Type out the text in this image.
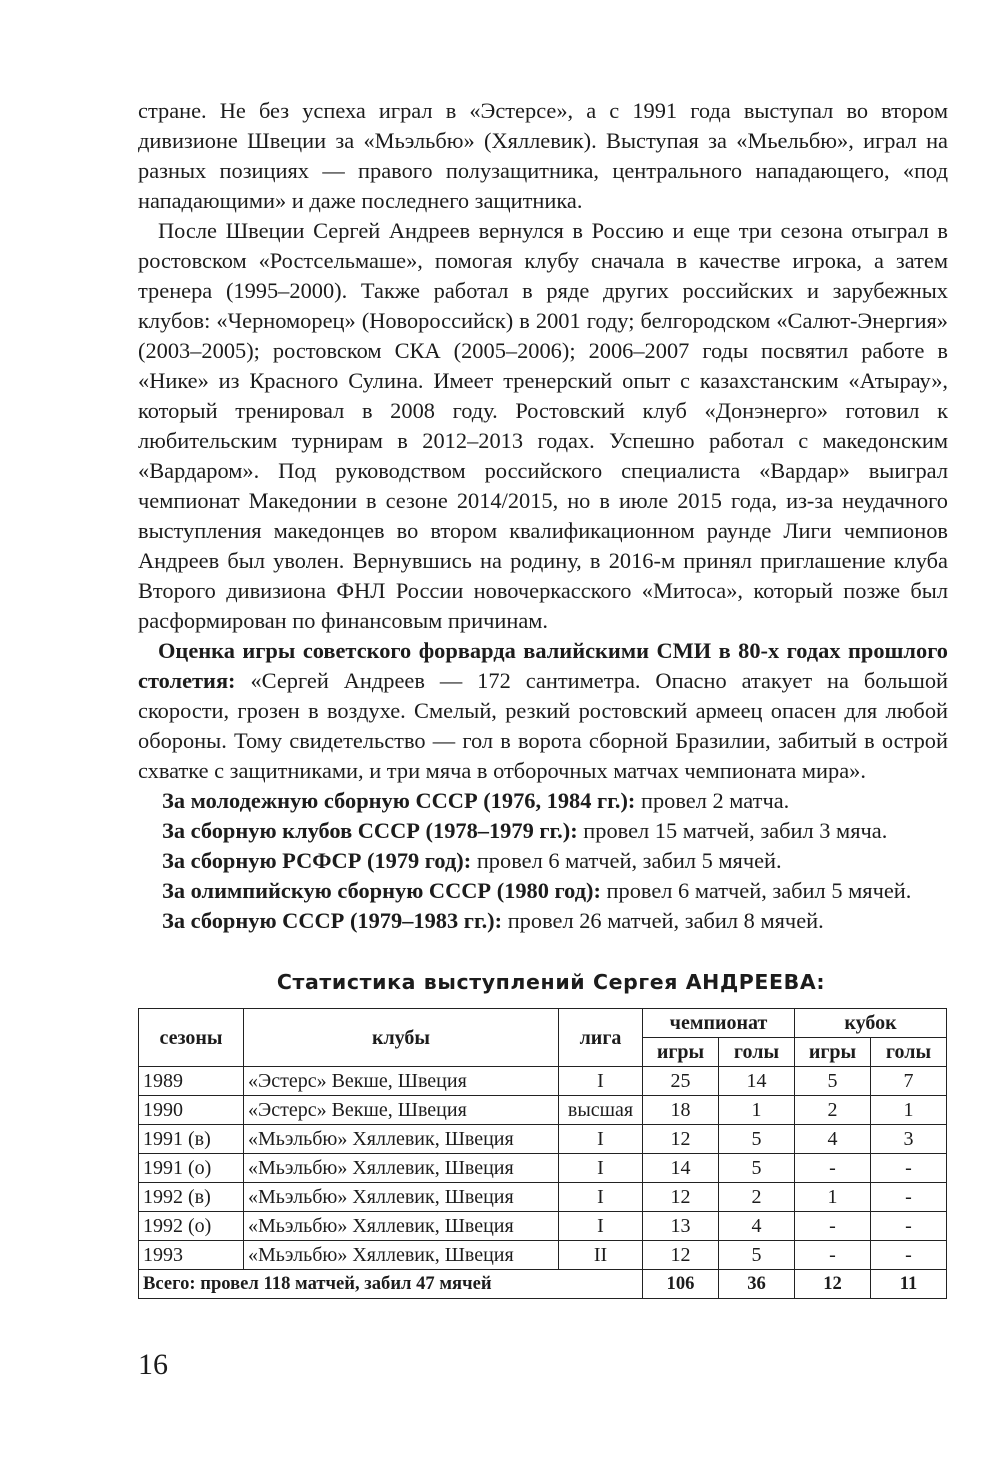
стране. Не без успеха играл в «Эстерсе», а с 1991 года выступал во втором дивизионе Швеции за «Мьэльбю» (Хяллевик). Выступая за «Мьельбю», играл на разных позициях — правого полузащитника, центрального нападающего, «под нападающими» и даже последнего защитника.

После Швеции Сергей Андреев вернулся в Россию и еще три сезона отыграл в ростовском «Ростсельмаше», помогая клубу сначала в качестве игрока, а затем тренера (1995–2000). Также работал в ряде других российских и зарубежных клубов: «Черноморец» (Новороссийск) в 2001 году; белгородском «Салют-Энергия» (2003–2005); ростовском СКА (2005–2006); 2006–2007 годы посвятил работе в «Нике» из Красного Сулина. Имеет тренерский опыт с казахстанским «Атырау», который тренировал в 2008 году. Ростовский клуб «Донэнерго» готовил к любительским турнирам в 2012–2013 годах. Успешно работал с македонским «Вардаром». Под руководством российского специалиста «Вардар» выиграл чемпионат Македонии в сезоне 2014/2015, но в июле 2015 года, из-за неудачного выступления македонцев во втором квалификационном раунде Лиги чемпионов Андреев был уволен. Вернувшись на родину, в 2016-м принял приглашение клуба Второго дивизиона ФНЛ России новочеркасского «Митоса», который позже был расформирован по финансовым причинам.

Оценка игры советского форварда валийскими СМИ в 80-х годах прошлого столетия: «Сергей Андреев — 172 сантиметра. Опасно атакует на большой скорости, грозен в воздухе. Смелый, резкий ростовский армеец опасен для любой обороны. Тому свидетельство — гол в ворота сборной Бразилии, забитый в острой схватке с защитниками, и три мяча в отборочных матчах чемпионата мира».

За молодежную сборную СССР (1976, 1984 гг.): провел 2 матча.

За сборную клубов СССР (1978–1979 гг.): провел 15 матчей, забил 3 мяча.

За сборную РСФСР (1979 год): провел 6 матчей, забил 5 мячей.

За олимпийскую сборную СССР (1980 год): провел 6 матчей, забил 5 мячей.

За сборную СССР (1979–1983 гг.): провел 26 матчей, забил 8 мячей.

Статистика выступлений Сергея АНДРЕЕВА:
сезоны	клубы	лига	чемпионат		кубок	
			игры	голы	игры	голы
1989	«Эстерс» Векше, Швеция	I	25	14	5	7
1990	«Эстерс» Векше, Швеция	высшая	18	1	2	1
1991 (в)	«Мьэльбю» Хяллевик, Швеция	I	12	5	4	3
1991 (о)	«Мьэльбю» Хяллевик, Швеция	I	14	5	-	-
1992 (в)	«Мьэльбю» Хяллевик, Швеция	I	12	2	1	-
1992 (о)	«Мьэльбю» Хяллевик, Швеция	I	13	4	-	-
1993	«Мьэльбю» Хяллевик, Швеция	II	12	5	-	-
Всего: провел 118 матчей, забил 47 мячей			106	36	12	11
16
